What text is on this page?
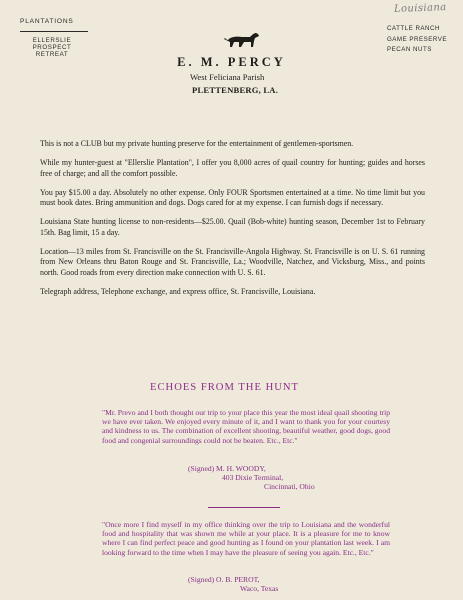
PLANTATIONS
ELLERSLIE
PROSPECT
RETREAT
Louisiana
CATTLE RANCH
GAME PRESERVE
PECAN NUTS
E. M. PERCY
West Feliciana Parish
PLETTENBERG, LA.

This is not a CLUB but my private hunting preserve for the entertainment of gentlemen-sportsmen.

While my hunter-guest at "Ellerslie Plantation", I offer you 8,000 acres of quail country for hunting; guides and horses free of charge; and all the comfort possible.

You pay $15.00 a day. Absolutely no other expense. Only FOUR Sportsmen entertained at a time. No time limit but you must book dates. Bring ammunition and dogs. Dogs cared for at my expense. I can furnish dogs if necessary.

Louisiana State hunting license to non-residents—$25.00. Quail (Bob-white) hunting season, December 1st to February 15th. Bag limit, 15 a day.

Location—13 miles from St. Francisville on the St. Francisville-Angola Highway. St. Francisville is on U. S. 61 running from New Orleans thru Baton Rouge and St. Francisville, La.; Woodville, Natchez, and Vicksburg, Miss., and points north. Good roads from every direction make connection with U. S. 61.

Telegraph address, Telephone exchange, and express office, St. Francisville, Louisiana.

ECHOES FROM THE HUNT

"Mr. Prevo and I both thought our trip to your place this year the most ideal quail shooting trip we have ever taken. We enjoyed every minute of it, and I want to thank you for your courtesy and kindness to us. The combination of excellent shooting, beautiful weather, good dogs, good food and congenial surroundings could not be beaten. Etc., Etc."

(Signed) M. H. WOODY,
403 Dixie Terminal,
Cincinnati, Ohio

"Once more I find myself in my office thinking over the trip to Louisiana and the wonderful food and hospitality that was shown me while at your place. It is a pleasure for me to know where I can find perfect peace and good hunting as I found on your plantation last week. I am looking forward to the time when I may have the pleasure of seeing you again. Etc., Etc."

(Signed) O. B. PEROT,
Waco, Texas
